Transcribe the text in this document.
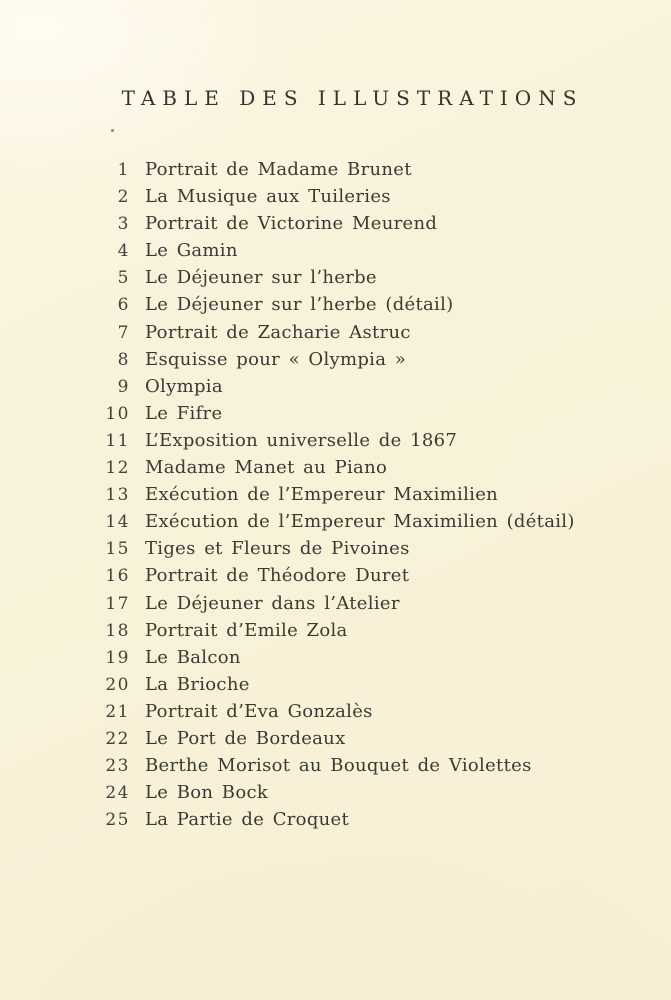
TABLE DES ILLUSTRATIONS
1 Portrait de Madame Brunet
2 La Musique aux Tuileries
3 Portrait de Victorine Meurend
4 Le Gamin
5 Le Déjeuner sur l’herbe
6 Le Déjeuner sur l’herbe (détail)
7 Portrait de Zacharie Astruc
8 Esquisse pour « Olympia »
9 Olympia
10 Le Fifre
11 L’Exposition universelle de 1867
12 Madame Manet au Piano
13 Exécution de l’Empereur Maximilien
14 Exécution de l’Empereur Maximilien (détail)
15 Tiges et Fleurs de Pivoines
16 Portrait de Théodore Duret
17 Le Déjeuner dans l’Atelier
18 Portrait d’Emile Zola
19 Le Balcon
20 La Brioche
21 Portrait d’Eva Gonzalès
22 Le Port de Bordeaux
23 Berthe Morisot au Bouquet de Violettes
24 Le Bon Bock
25 La Partie de Croquet
